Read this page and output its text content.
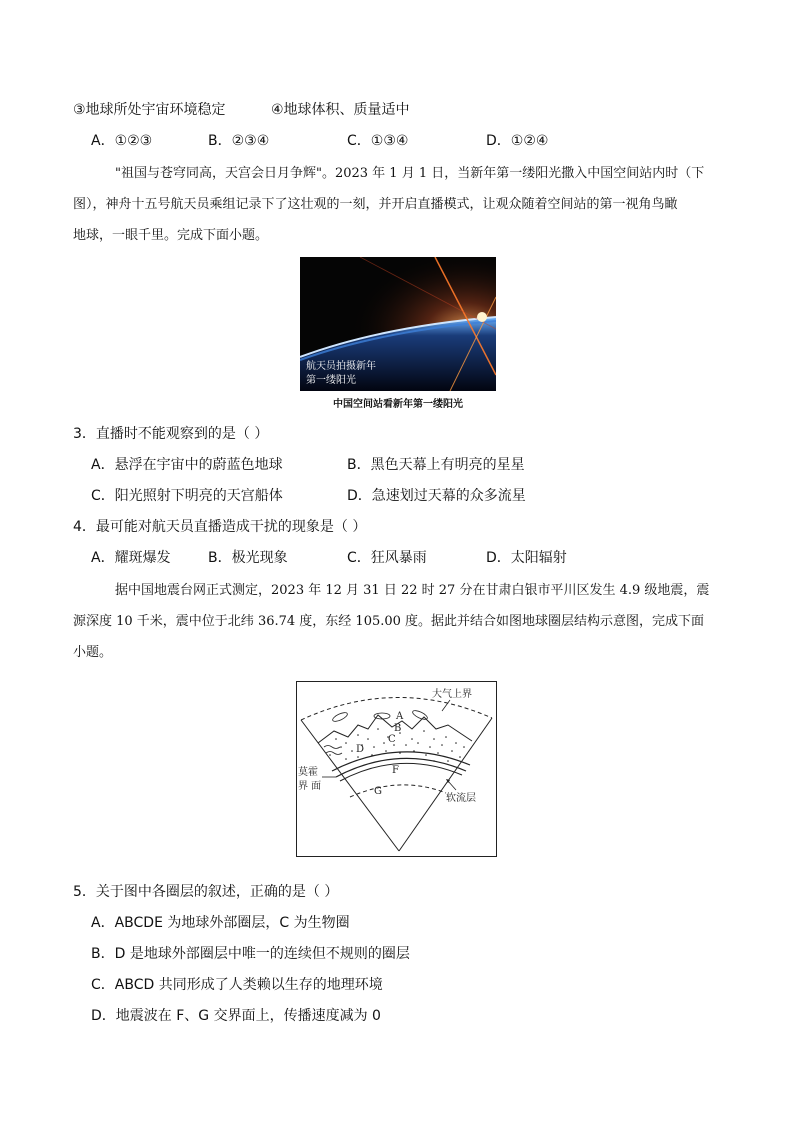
③地球所处宇宙环境稳定	④地球体积、质量适中
A．①②③	B．②③④	C．①③④	D．①②④
"祖国与苍穹同高，天宫会日月争辉"。2023 年 1 月 1 日，当新年第一缕阳光撒入中国空间站内时（下
图），神舟十五号航天员乘组记录下了这壮观的一刻，并开启直播模式，让观众随着空间站的第一视角鸟瞰
地球，一眼千里。完成下面小题。
航天员拍摄新年
第一缕阳光
中国空间站看新年第一缕阳光
3．直播时不能观察到的是（ ）
A．悬浮在宇宙中的蔚蓝色地球	B．黑色天幕上有明亮的星星
C．阳光照射下明亮的天宫船体	D．急速划过天幕的众多流星
4．最可能对航天员直播造成干扰的现象是（ ）
A．耀斑爆发	B．极光现象	C．狂风暴雨	D．太阳辐射
据中国地震台网正式测定，2023 年 12 月 31 日 22 时 27 分在甘肃白银市平川区发生 4.9 级地震，震
源深度 10 千米，震中位于北纬 36.74 度，东经 105.00 度。据此并结合如图地球圈层结构示意图，完成下面
小题。
A
B
C
D
F
G
大气上界
莫霍
界 面
软流层
5．关于图中各圈层的叙述，正确的是（ ）
A．ABCDE 为地球外部圈层，C 为生物圈
B．D 是地球外部圈层中唯一的连续但不规则的圈层
C．ABCD 共同形成了人类赖以生存的地理环境
D．地震波在 F、G 交界面上，传播速度减为 0
